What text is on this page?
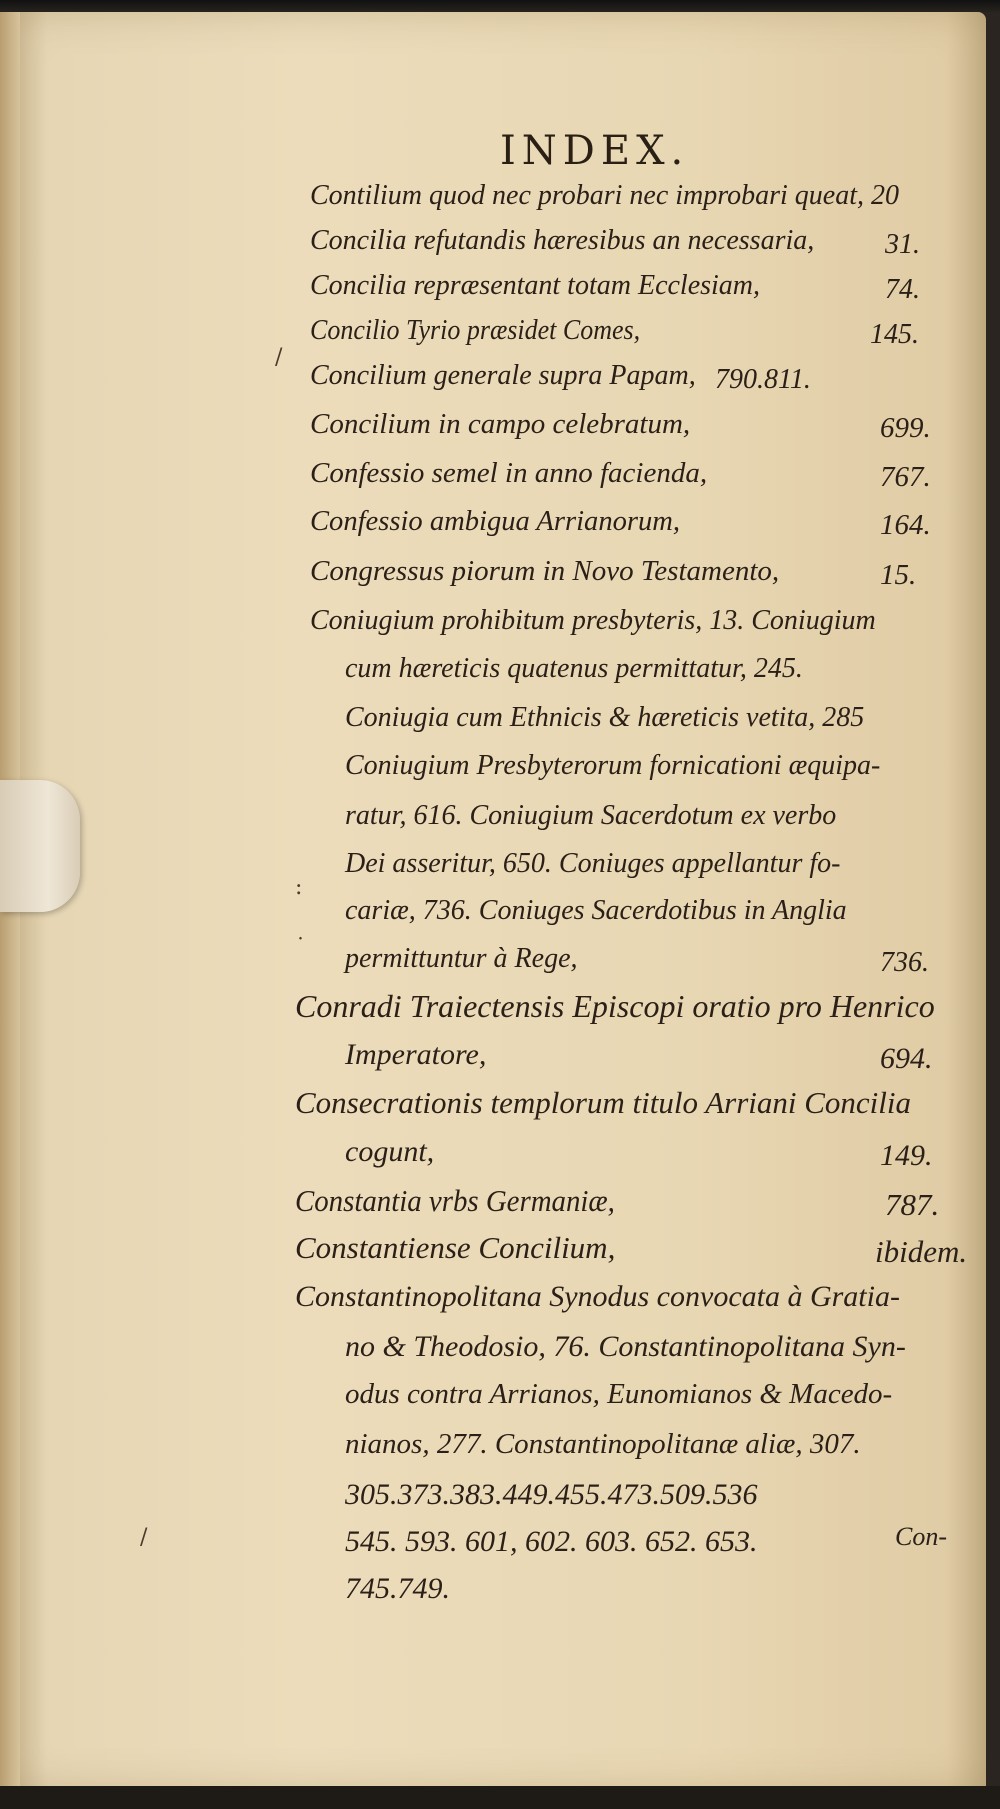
INDEX.
Contilium quod nec probari nec improbari queat, 20
Concilia refutandis hæresibus an necessaria,	31.
Concilia repræsentant totam Ecclesiam,	74.
Concilio Tyrio præsidet Comes,	145.
Concilium generale supra Papam, 790.811.
Concilium in campo celebratum,	699.
Confessio semel in anno facienda,	767.
Confessio ambigua Arrianorum,	164.
Congressus piorum in Novo Testamento,	15.
Coniugium prohibitum presbyteris, 13. Coniugium
cum hæreticis quatenus permittatur, 245.
Coniugia cum Ethnicis & hæreticis vetita, 285
Coniugium Presbyterorum fornicationi æquipa-
ratur, 616. Coniugium Sacerdotum ex verbo
Dei asseritur, 650. Coniuges appellantur fo-
cariæ, 736. Coniuges Sacerdotibus in Anglia
permittuntur à Rege,	736.
Conradi Traiectensis Episcopi oratio pro Henrico
Imperatore,	694.
Consecrationis templorum titulo Arriani Concilia
cogunt,	149.
Constantia vrbs Germaniæ,	787.
Constantiense Concilium,	ibidem.
Constantinopolitana Synodus convocata à Gratia-
no & Theodosio, 76. Constantinopolitana Syn-
odus contra Arrianos, Eunomianos & Macedo-
nianos, 277. Constantinopolitanæ aliæ, 307.
305.373.383.449.455.473.509.536
545. 593. 601, 602. 603. 652. 653.
745.749.
/
:
˙
/	Con-
